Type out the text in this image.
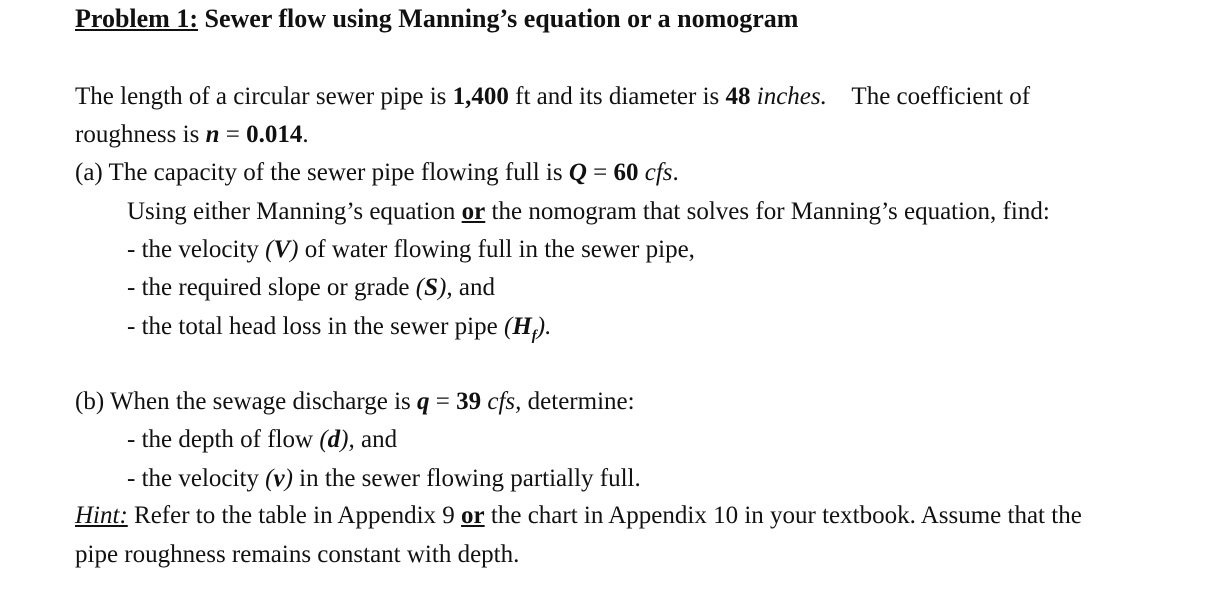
Problem 1: Sewer flow using Manning’s equation or a nomogram
The length of a circular sewer pipe is 1,400 ft and its diameter is 48 inches.    The coefficient of
roughness is n = 0.014.
(a) The capacity of the sewer pipe flowing full is Q = 60 cfs.
Using either Manning’s equation or the nomogram that solves for Manning’s equation, find:
- the velocity (V) of water flowing full in the sewer pipe,
- the required slope or grade (S), and
- the total head loss in the sewer pipe $(H_f)$.
(b) When the sewage discharge is q = 39 cfs, determine:
- the depth of flow (d), and
- the velocity (v) in the sewer flowing partially full.
Hint: Refer to the table in Appendix 9 or the chart in Appendix 10 in your textbook. Assume that the
pipe roughness remains constant with depth.
